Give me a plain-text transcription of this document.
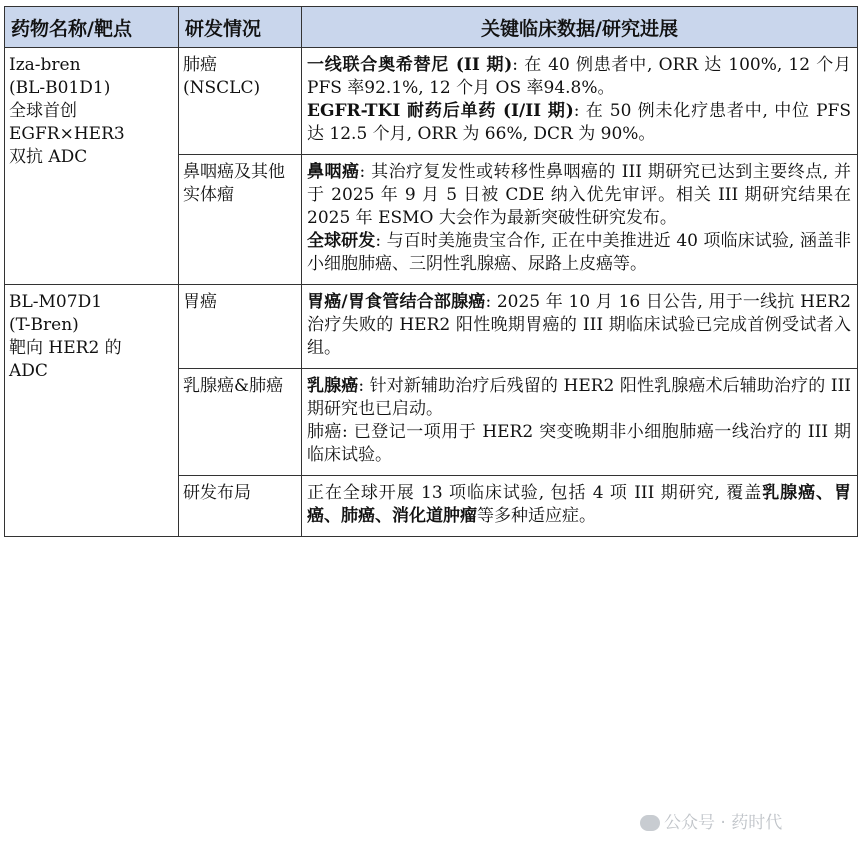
药物名称/靶点	研发情况	关键临床数据/研究进展

Iza-bren
(BL-B01D1)
全球首创
EGFR×HER3
双抗 ADC	肺癌 (NSCLC)	一线联合奥希替尼 (II 期): 在 40 例患者中, ORR 达 100%, 12 个月 PFS 率92.1%, 12 个月 OS 率94.8%。
EGFR-TKI 耐药后单药 (I/II 期): 在 50 例未化疗患者中, 中位 PFS 达 12.5 个月, ORR 为 66%, DCR 为 90%。

	鼻咽癌及其他实体瘤	鼻咽癌: 其治疗复发性或转移性鼻咽癌的 III 期研究已达到主要终点, 并于 2025 年 9 月 5 日被 CDE 纳入优先审评。相关 III 期研究结果在 2025 年 ESMO 大会作为最新突破性研究发布。
全球研发: 与百时美施贵宝合作, 正在中美推进近 40 项临床试验, 涵盖非小细胞肺癌、三阴性乳腺癌、尿路上皮癌等。

BL-M07D1
(T-Bren)
靶向 HER2 的
ADC	胃癌	胃癌/胃食管结合部腺癌: 2025 年 10 月 16 日公告, 用于一线抗 HER2 治疗失败的 HER2 阳性晚期胃癌的 III 期临床试验已完成首例受试者入组。

	乳腺癌&肺癌	乳腺癌: 针对新辅助治疗后残留的 HER2 阳性乳腺癌术后辅助治疗的 III 期研究也已启动。
肺癌: 已登记一项用于 HER2 突变晚期非小细胞肺癌一线治疗的 III 期临床试验。

	研发布局	正在全球开展 13 项临床试验, 包括 4 项 III 期研究, 覆盖乳腺癌、胃癌、肺癌、消化道肿瘤等多种适应症。
公众号 · 药时代
